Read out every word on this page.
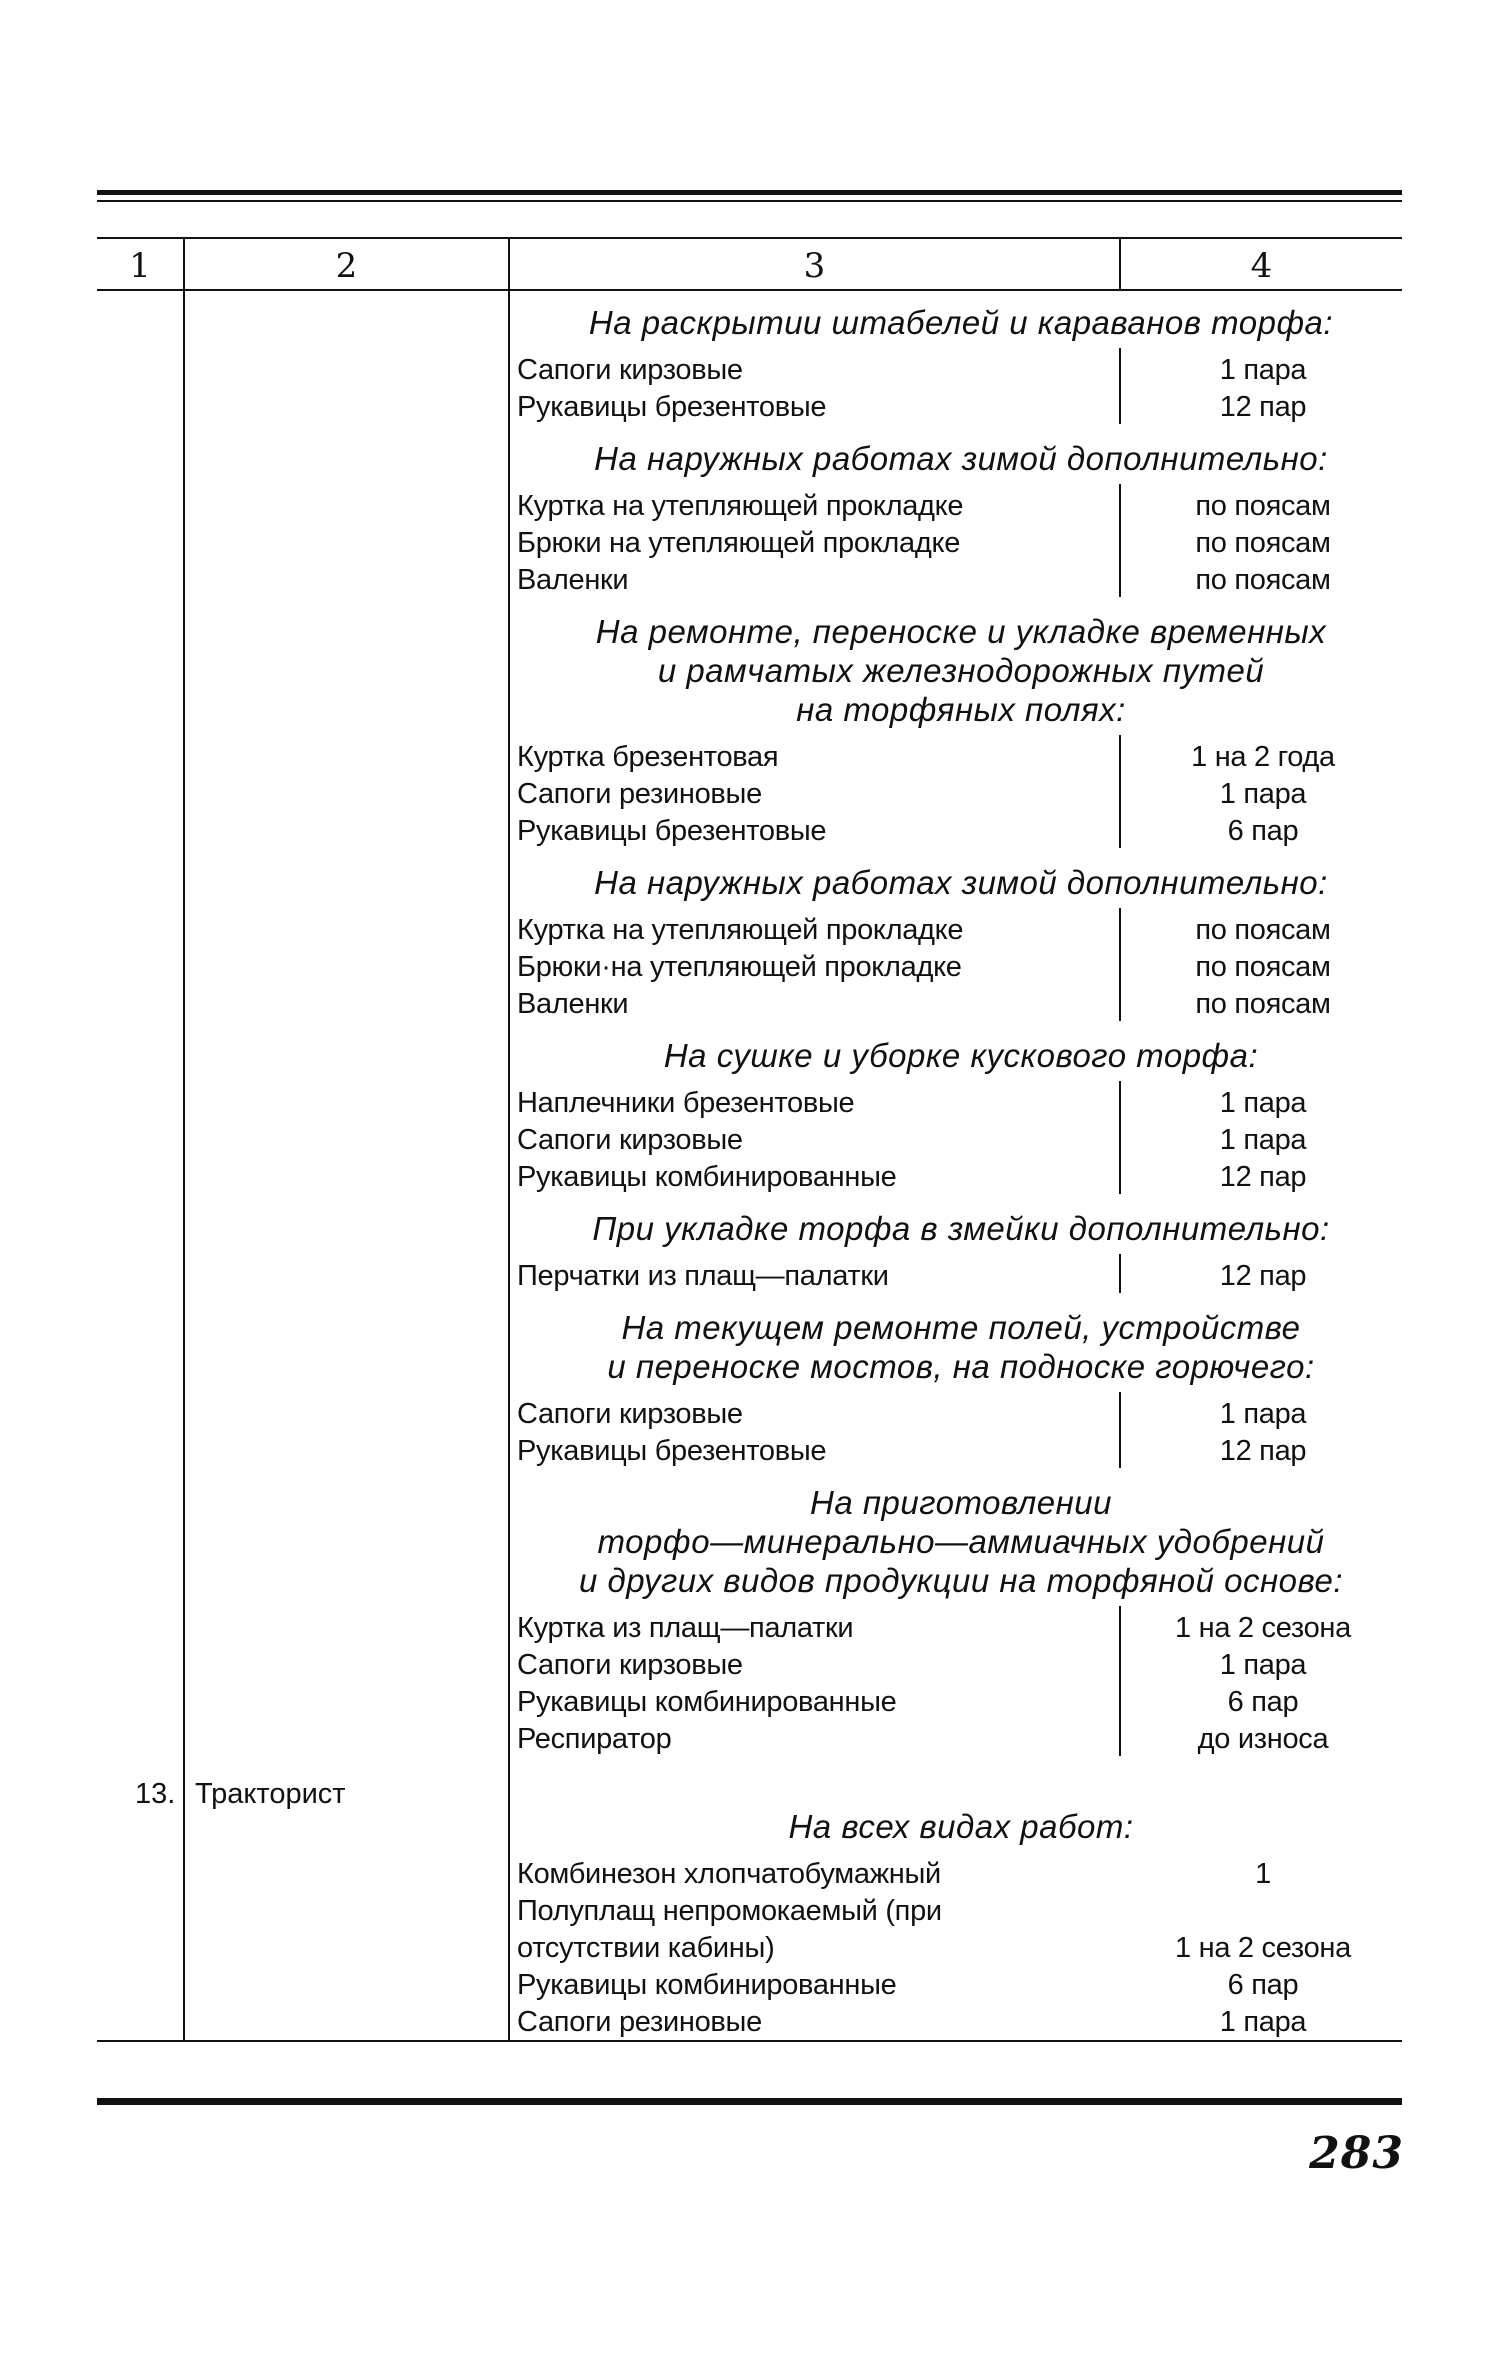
1	2	3	4
На раскрытии штабелей и караванов торфа:
Сапоги кирзовые	1 пара
Рукавицы брезентовые	12 пар
На наружных работах зимой дополнительно:
Куртка на утепляющей прокладке	по поясам
Брюки на утепляющей прокладке	по поясам
Валенки	по поясам
На ремонте, переноске и укладке временных
и рамчатых железнодорожных путей
на торфяных полях:
Куртка брезентовая	1 на 2 года
Сапоги резиновые	1 пара
Рукавицы брезентовые	6 пар
На наружных работах зимой дополнительно:
Куртка на утепляющей прокладке	по поясам
Брюки·на утепляющей прокладке	по поясам
Валенки	по поясам
На сушке и уборке кускового торфа:
Наплечники брезентовые	1 пара
Сапоги кирзовые	1 пара
Рукавицы комбинированные	12 пар
При укладке торфа в змейки дополнительно:
Перчатки из плащ—палатки	12 пар
На текущем ремонте полей, устройстве
и переноске мостов, на подноске горючего:
Сапоги кирзовые	1 пара
Рукавицы брезентовые	12 пар
На приготовлении
торфо—минерально—аммиачных удобрений
и других видов продукции на торфяной основе:
Куртка из плащ—палатки	1 на 2 сезона
Сапоги кирзовые	1 пара
Рукавицы комбинированные	6 пар
Респиратор	до износа
На всех видах работ:
Комбинезон хлопчатобумажный	1
Полуплащ непромокаемый (при
отсутствии кабины)	1 на 2 сезона
Рукавицы комбинированные	6 пар
Сапоги резиновые	1 пара
13. Тракторист
283
